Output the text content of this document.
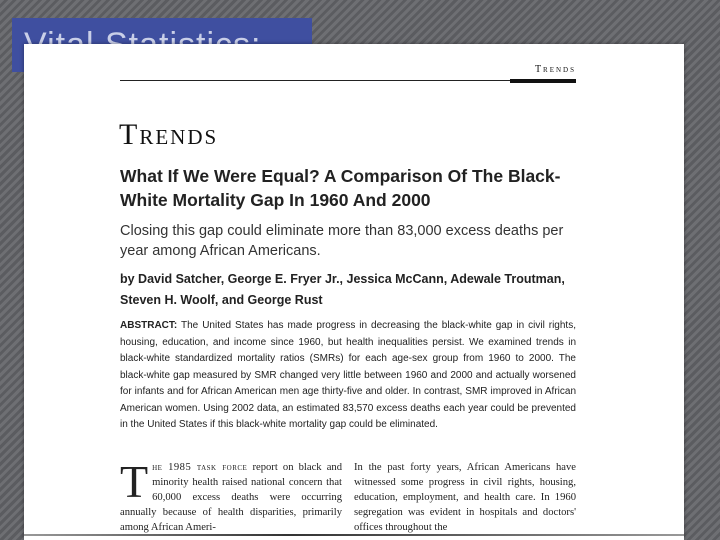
Trends
Trends
What If We Were Equal? A Comparison Of The Black-White Mortality Gap In 1960 And 2000
Closing this gap could eliminate more than 83,000 excess deaths per year among African Americans.
by David Satcher, George E. Fryer Jr., Jessica McCann, Adewale Troutman, Steven H. Woolf, and George Rust
ABSTRACT: The United States has made progress in decreasing the black-white gap in civil rights, housing, education, and income since 1960, but health inequalities persist. We examined trends in black-white standardized mortality ratios (SMRs) for each age-sex group from 1960 to 2000. The black-white gap measured by SMR changed very little between 1960 and 2000 and actually worsened for infants and for African American men age thirty-five and older. In contrast, SMR improved in African American women. Using 2002 data, an estimated 83,570 excess deaths each year could be prevented in the United States if this black-white mortality gap could be eliminated.
The 1985 task force report on black and minority health raised national concern that 60,000 excess deaths were occurring annually because of health disparities, primarily among African Ameri-
In the past forty years, African Americans have witnessed some progress in civil rights, housing, education, employment, and health care. In 1960 segregation was evident in hospitals and doctors' offices throughout the
